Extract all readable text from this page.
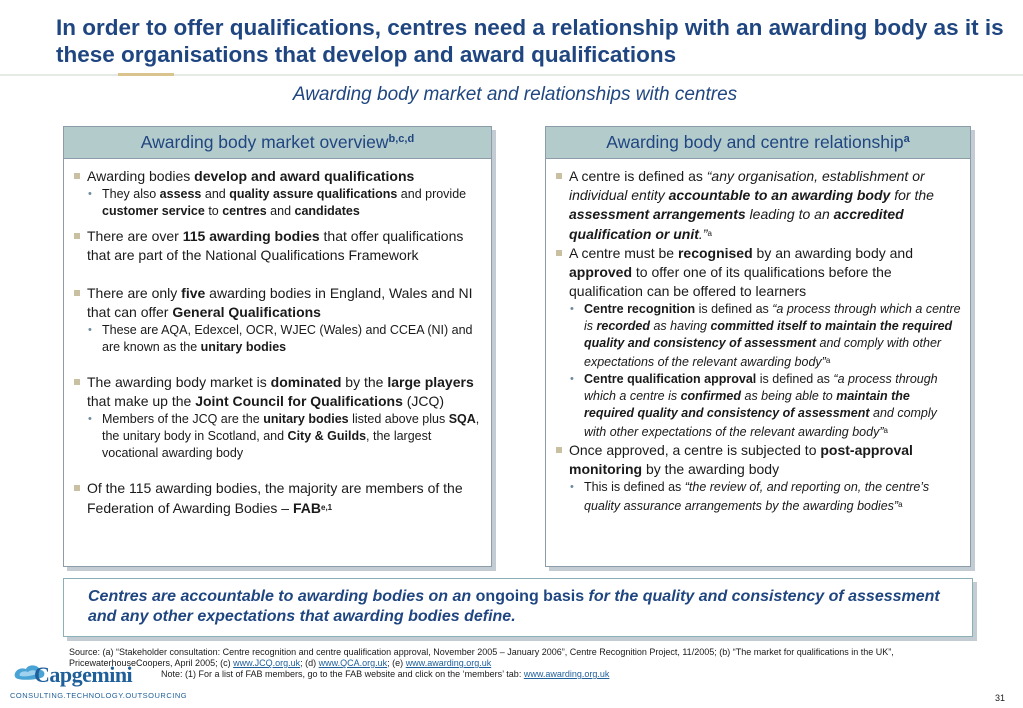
In order to offer qualifications, centres need a relationship with an awarding body as it is these organisations that develop and award qualifications
Awarding body market and relationships with centres
Awarding body market overview$^{b,c,d}$
Awarding bodies develop and award qualifications
• They also assess and quality assure qualifications and provide customer service to centres and candidates
There are over 115 awarding bodies that offer qualifications that are part of the National Qualifications Framework
There are only five awarding bodies in England, Wales and NI that can offer General Qualifications
• These are AQA, Edexcel, OCR, WJEC (Wales) and CCEA (NI) and are known as the unitary bodies
The awarding body market is dominated by the large players that make up the Joint Council for Qualifications (JCQ)
• Members of the JCQ are the unitary bodies listed above plus SQA, the unitary body in Scotland, and City & Guilds, the largest vocational awarding body
Of the 115 awarding bodies, the majority are members of the Federation of Awarding Bodies – FAB$^{e,1}$
Awarding body and centre relationship$^a$
A centre is defined as “any organisation, establishment or individual entity accountable to an awarding body for the assessment arrangements leading to an accredited qualification or unit.”$^a$
A centre must be recognised by an awarding body and approved to offer one of its qualifications before the qualification can be offered to learners
• Centre recognition is defined as “a process through which a centre is recorded as having committed itself to maintain the required quality and consistency of assessment and comply with other expectations of the relevant awarding body”$^a$
• Centre qualification approval is defined as “a process through which a centre is confirmed as being able to maintain the required quality and consistency of assessment and comply with other expectations of the relevant awarding body”$^a$
Once approved, a centre is subjected to post-approval monitoring by the awarding body
• This is defined as “the review of, and reporting on, the centre’s quality assurance arrangements by the awarding bodies”$^a$
Centres are accountable to awarding bodies on an ongoing basis for the quality and consistency of assessment and any other expectations that awarding bodies define.
Source: (a) “Stakeholder consultation: Centre recognition and centre qualification approval, November 2005 – January 2006”, Centre Recognition Project, 11/2005; (b) “The market for qualifications in the UK”, PricewaterhouseCoopers, April 2005; (c) www.JCQ.org.uk; (d) www.QCA.org.uk; (e) www.awarding.org.uk
Note: (1) For a list of FAB members, go to the FAB website and click on the ‘members’ tab: www.awarding.org.uk
Capgemini
CONSULTING.TECHNOLOGY.OUTSOURCING	31
